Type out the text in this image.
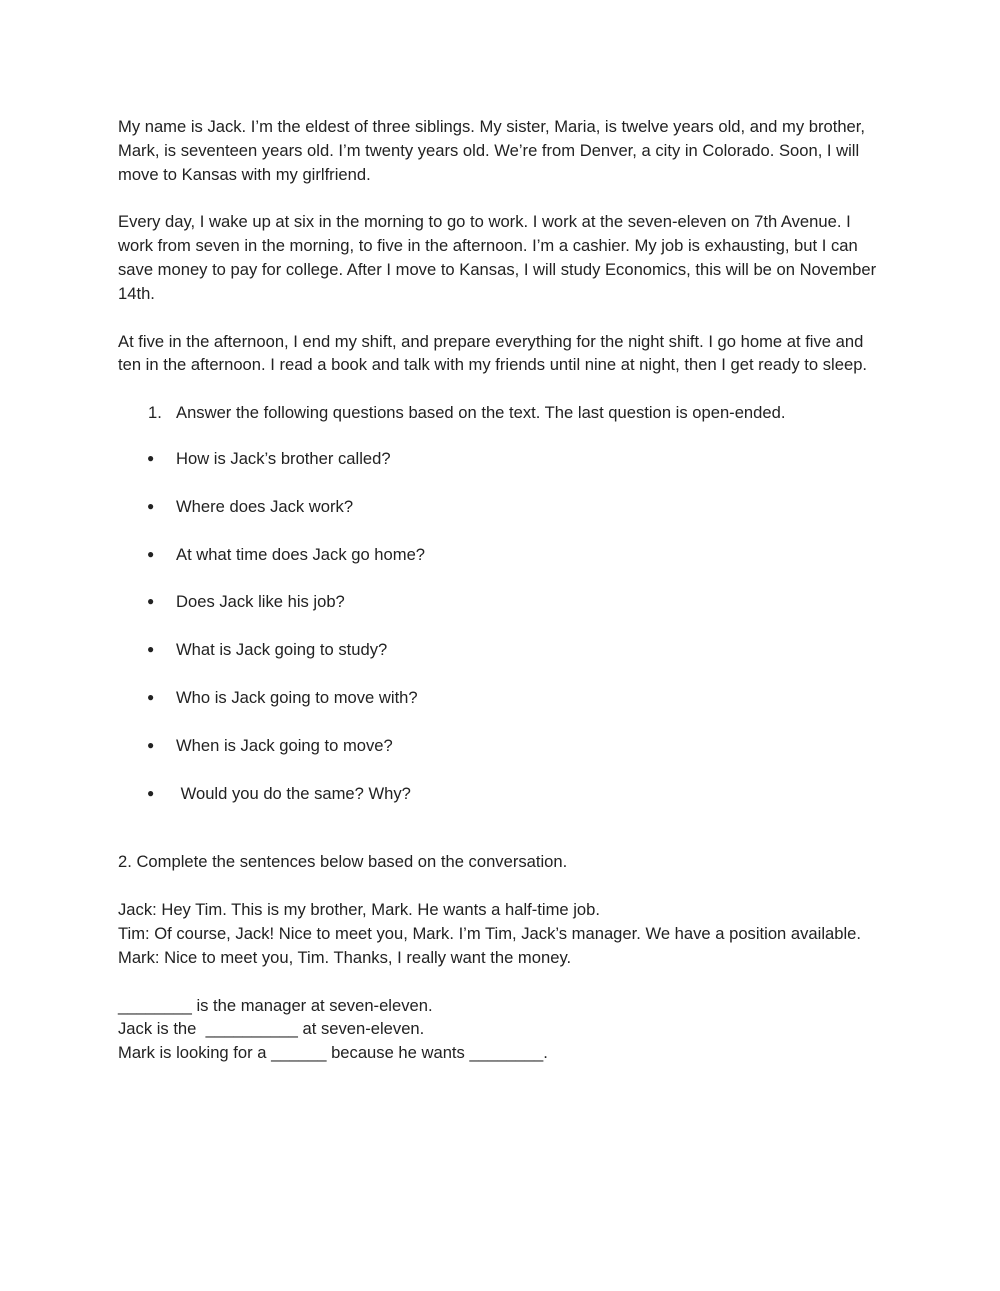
My name is Jack. I’m the eldest of three siblings. My sister, Maria, is twelve years old, and my brother, Mark, is seventeen years old. I’m twenty years old. We’re from Denver, a city in Colorado. Soon, I will move to Kansas with my girlfriend.

Every day, I wake up at six in the morning to go to work. I work at the seven-eleven on 7th Avenue. I work from seven in the morning, to five in the afternoon. I’m a cashier. My job is exhausting, but I can save money to pay for college. After I move to Kansas, I will study Economics, this will be on November 14th.

At five in the afternoon, I end my shift, and prepare everything for the night shift. I go home at five and ten in the afternoon. I read a book and talk with my friends until nine at night, then I get ready to sleep.

1. Answer the following questions based on the text. The last question is open-ended.

● How is Jack’s brother called?
● Where does Jack work?
● At what time does Jack go home?
● Does Jack like his job?
● What is Jack going to study?
● Who is Jack going to move with?
● When is Jack going to move?
● Would you do the same? Why?

2. Complete the sentences below based on the conversation.

Jack: Hey Tim. This is my brother, Mark. He wants a half-time job.

Tim: Of course, Jack! Nice to meet you, Mark. I’m Tim, Jack’s manager. We have a position available.

Mark: Nice to meet you, Tim. Thanks, I really want the money.

________ is the manager at seven-eleven.

Jack is the  __________ at seven-eleven.

Mark is looking for a ______ because he wants ________.
